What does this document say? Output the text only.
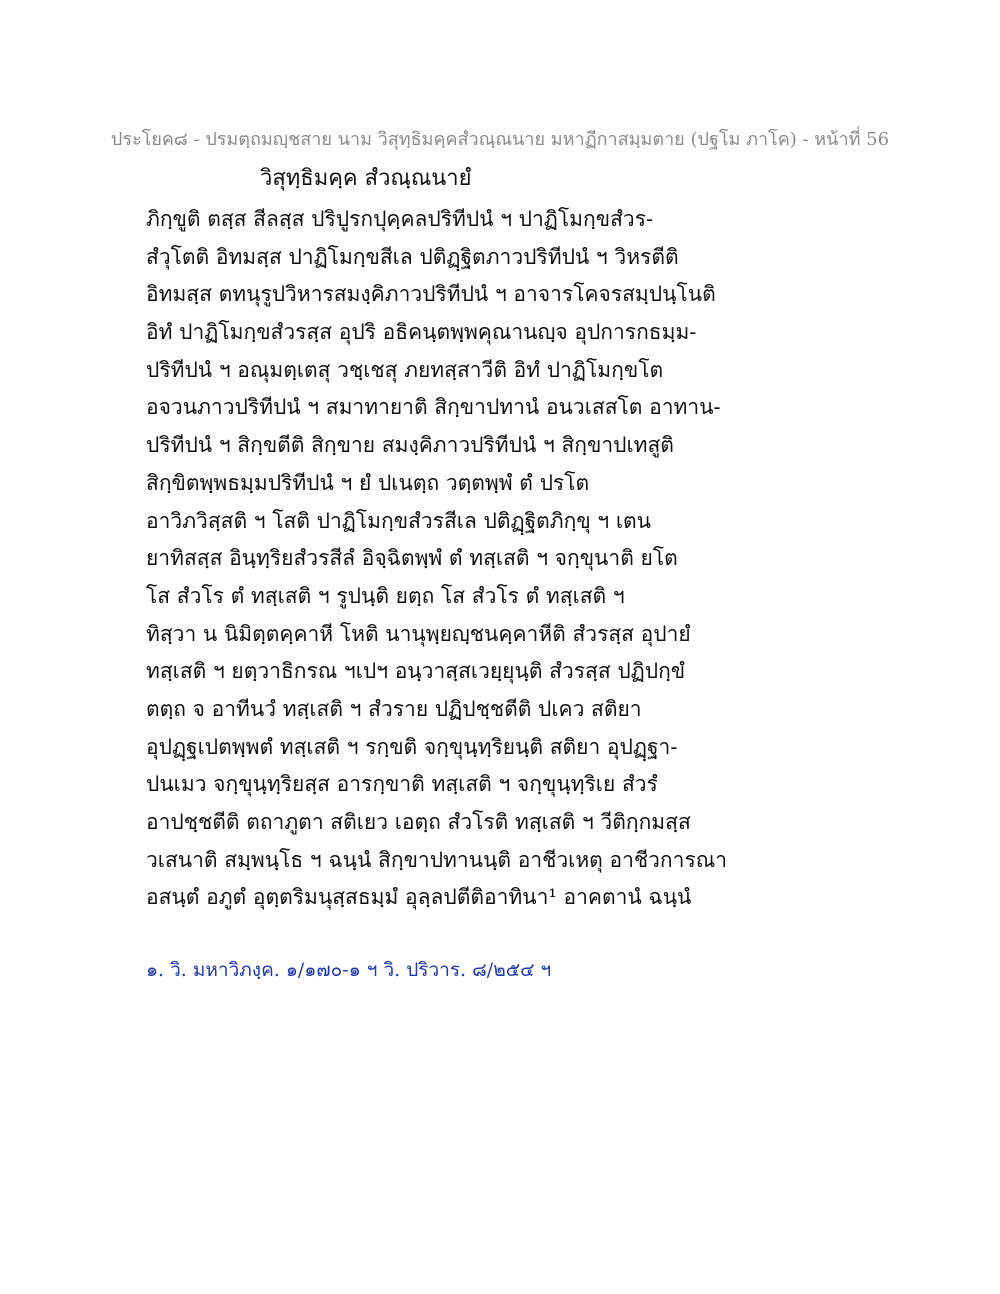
ประโยค๘ - ปรมตฺถมญฺชสาย นาม วิสุทฺธิมคฺคสํวณฺณนาย มหาฏีกาสมฺมตาย (ปฐโม ภาโค) - หน้าที่ 56
วิสุทฺธิมคฺค สํวณฺณนายํ
ภิกฺขูติ ตสฺส สีลสฺส ปริปูรกปุคฺคลปริทีปนํ ฯ ปาฏิโมกฺขสํวร-
สํวุโตติ อิทมสฺส ปาฏิโมกฺขสีเล ปติฏฺฐิตภาวปริทีปนํ ฯ วิหรตีติ
อิทมสฺส ตทนุรูปวิหารสมงฺคิภาวปริทีปนํ ฯ อาจารโคจรสมฺปนฺโนติ
อิทํ ปาฏิโมกฺขสํวรสฺส อุปริ อธิคนฺตพฺพคุณานญฺจ อุปการกธมฺม-
ปริทีปนํ ฯ อณุมตฺเตสุ วชฺเชสุ ภยทสฺสาวีติ อิทํ ปาฏิโมกฺขโต
อจวนภาวปริทีปนํ ฯ สมาทายาติ สิกฺขาปทานํ อนวเสสโต อาทาน-
ปริทีปนํ ฯ สิกฺขตีติ สิกฺขาย สมงฺคิภาวปริทีปนํ ฯ สิกฺขาปเทสูติ
สิกฺขิตพฺพธมฺมปริทีปนํ ฯ ยํ ปเนตฺถ วตฺตพฺพํ ตํ ปรโต
อาวิภวิสฺสติ ฯ โสติ ปาฏิโมกฺขสํวรสีเล ปติฏฺฐิตภิกฺขุ ฯ เตน
ยาทิสสฺส อินฺทฺริยสํวรสีลํ อิจฺฉิตพฺพํ ตํ ทสฺเสติ ฯ จกฺขุนาติ ยโต
โส สํวโร ตํ ทสฺเสติ ฯ รูปนฺติ ยตฺถ โส สํวโร ตํ ทสฺเสติ ฯ
ทิสฺวา น นิมิตฺตคฺคาหี โหติ นานุพฺยญฺชนคฺคาหีติ สํวรสฺส อุปายํ
ทสฺเสติ ฯ ยตฺวาธิกรณ ฯเปฯ อนฺวาสฺสเวยฺยุนฺติ สํวรสฺส ปฏิปกฺขํ
ตตฺถ จ อาทีนวํ ทสฺเสติ ฯ สํวราย ปฏิปชฺชตีติ ปเคว สติยา
อุปฏฺฐเปตพฺพตํ ทสฺเสติ ฯ รกฺขติ จกฺขุนฺทฺริยนฺติ สติยา อุปฏฺฐา-
ปนเมว จกฺขุนฺทฺริยสฺส อารกฺขาติ ทสฺเสติ ฯ จกฺขุนฺทฺริเย สํวรํ
อาปชฺชตีติ ตถาภูตา สติเยว เอตฺถ สํวโรติ ทสฺเสติ ฯ วีติกฺกมสฺส
วเสนาติ สมฺพนฺโธ ฯ ฉนฺนํ สิกฺขาปทานนฺติ อาชีวเหตุ อาชีวการณา
อสนฺตํ อภูตํ อุตฺตริมนุสฺสธมฺมํ อุลฺลปตีติอาทินา¹ อาคตานํ ฉนฺนํ
๑. วิ. มหาวิภงฺค. ๑/๑๗๐-๑ ฯ วิ. ปริวาร. ๘/๒๕๔ ฯ
